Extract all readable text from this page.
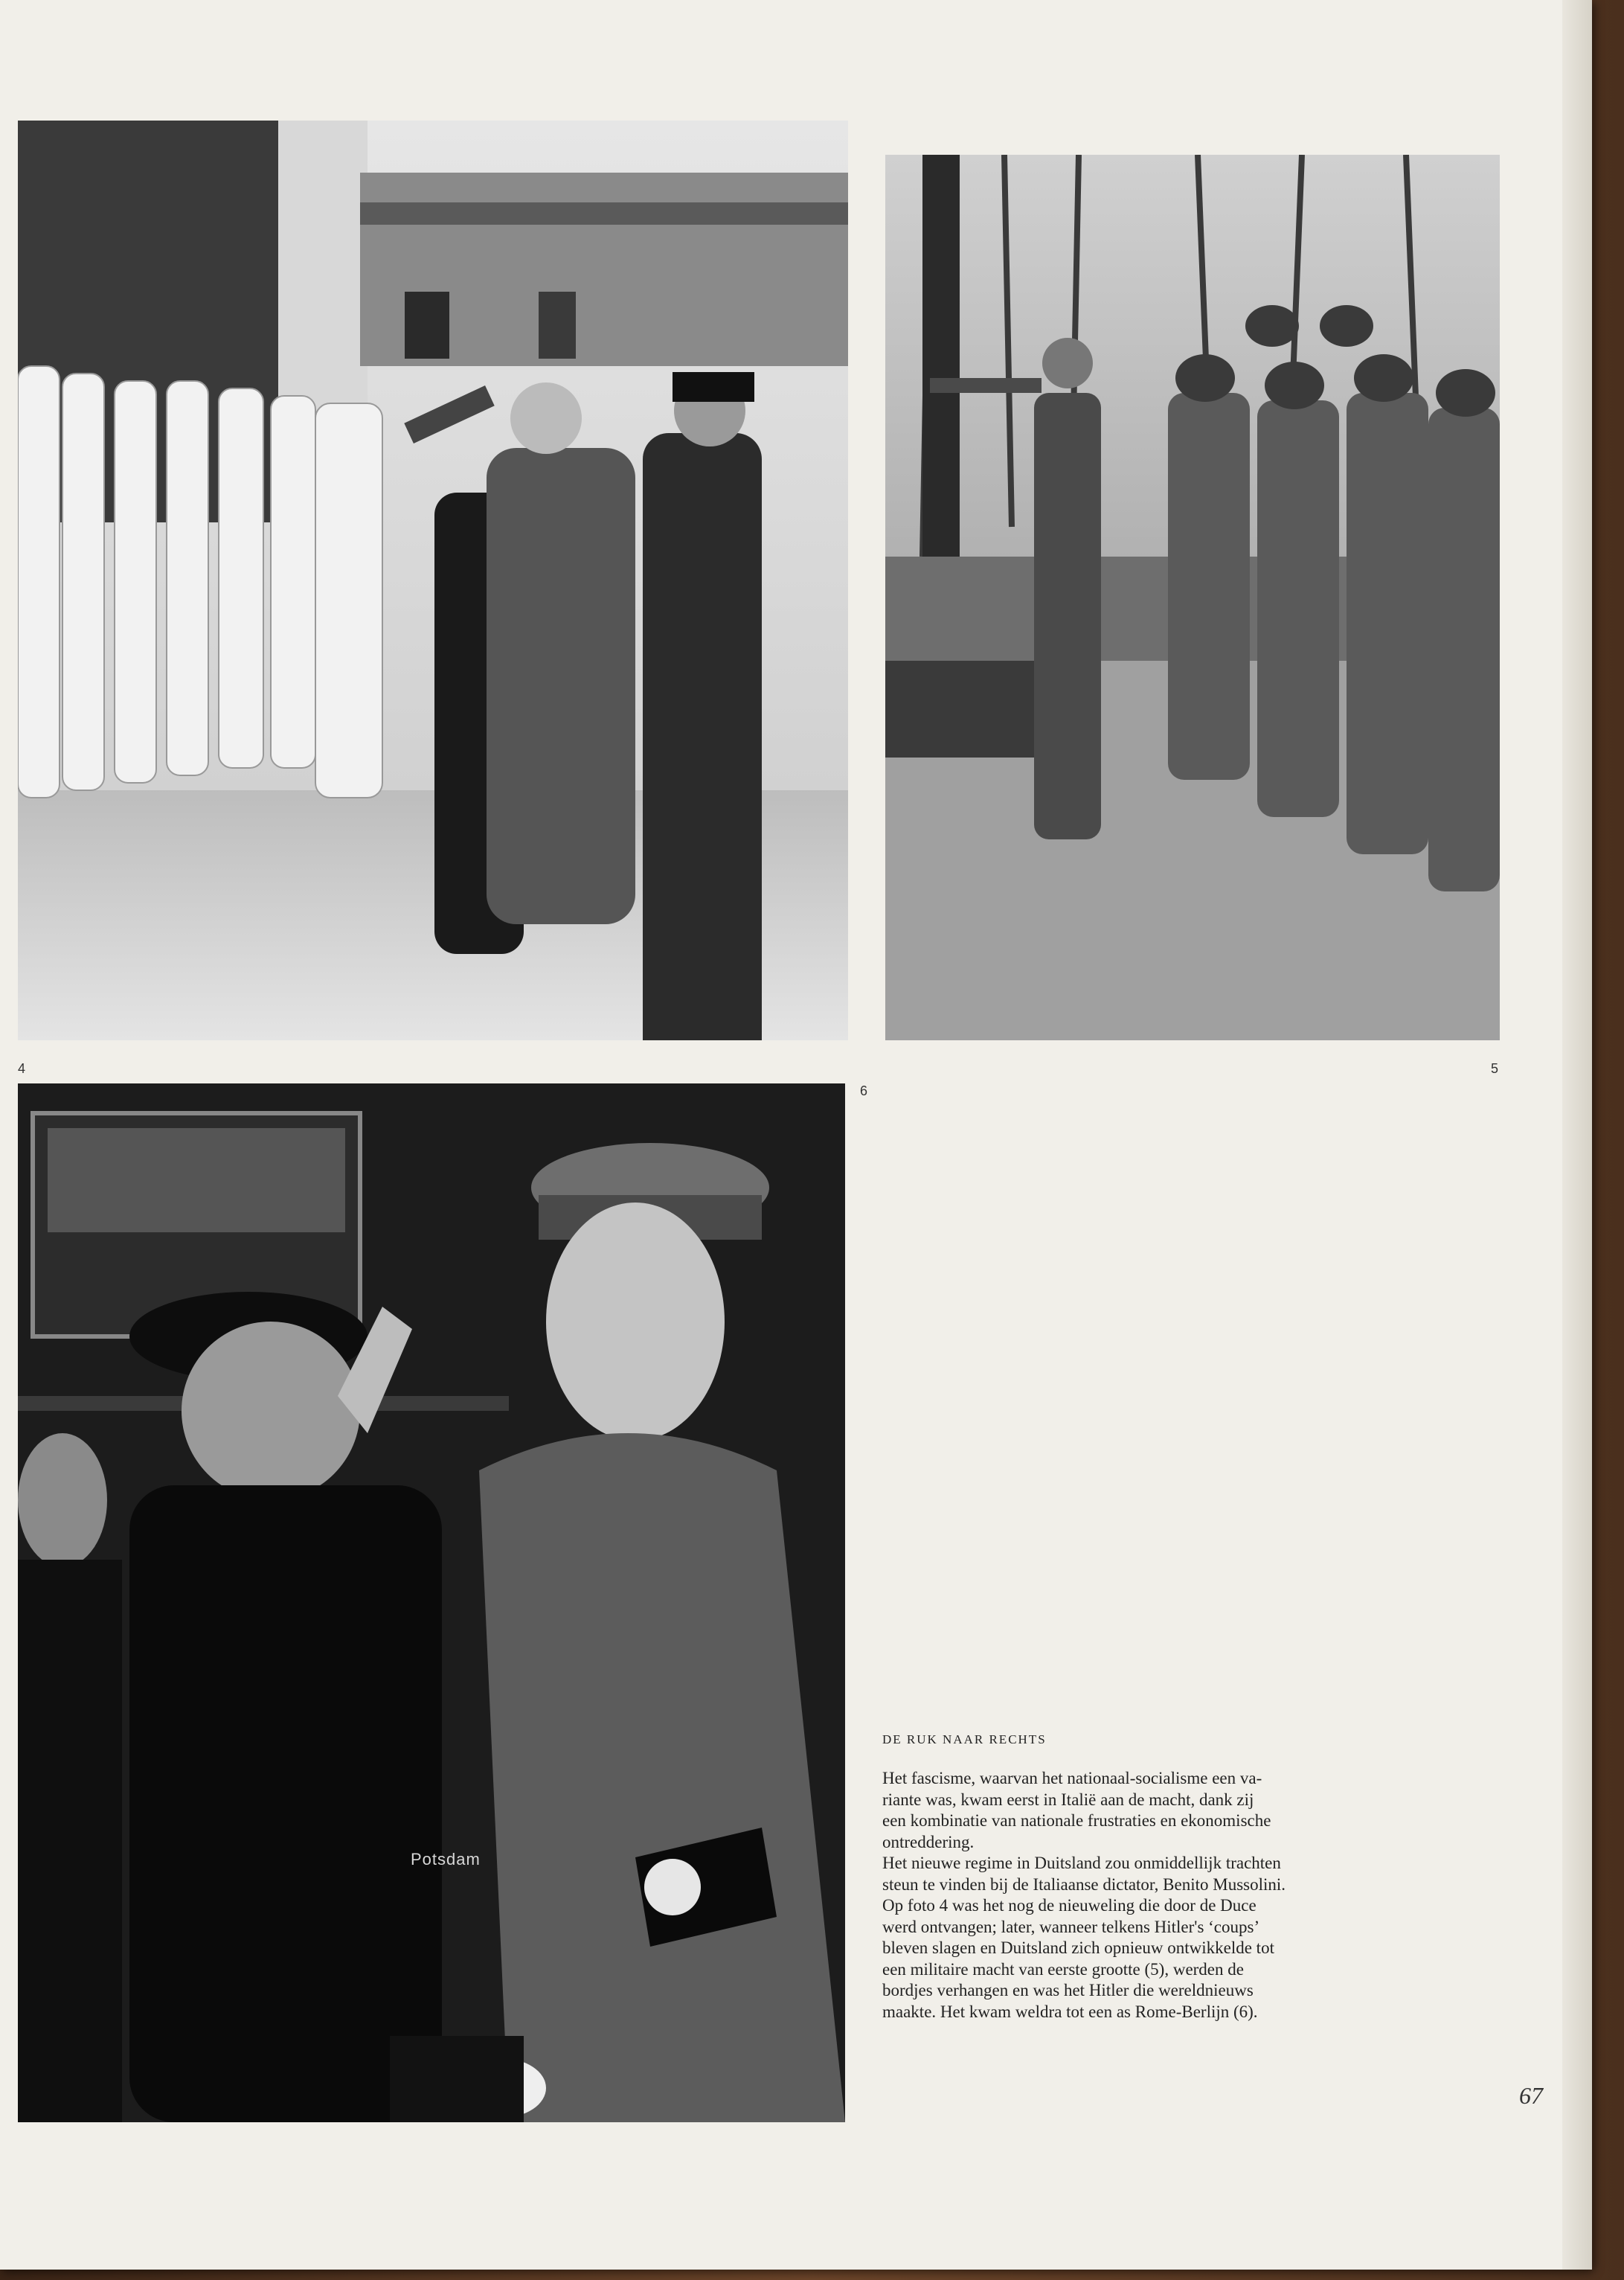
4	5
Potsdam
6
DE RUK NAAR RECHTS

Het fascisme, waarvan het nationaal-socialisme een va-

riante was, kwam eerst in Italië aan de macht, dank zij

een kombinatie van nationale frustraties en ekonomische

ontreddering.

Het nieuwe regime in Duitsland zou onmiddellijk trachten

steun te vinden bij de Italiaanse dictator, Benito Mussolini.

Op foto 4 was het nog de nieuweling die door de Duce

werd ontvangen; later, wanneer telkens Hitler's ‘coups’

bleven slagen en Duitsland zich opnieuw ontwikkelde tot

een militaire macht van eerste grootte (5), werden de

bordjes verhangen en was het Hitler die wereldnieuws

maakte. Het kwam weldra tot een as Rome-Berlijn (6).

67
